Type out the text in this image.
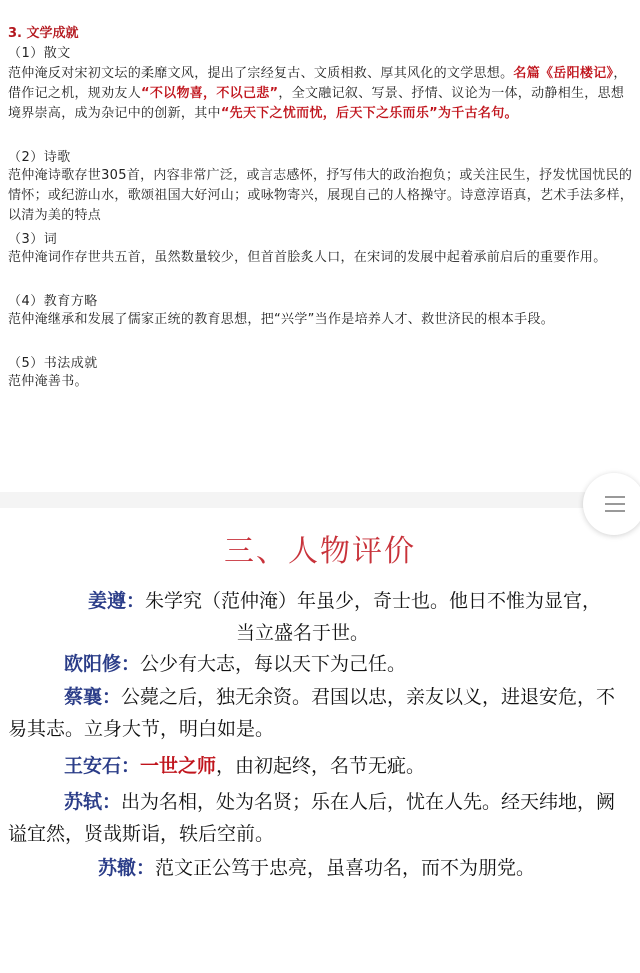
3. 文学成就
（1）散文
范仲淹反对宋初文坛的柔靡文风，提出了宗经复古、文质相救、厚其风化的文学思想。名篇《岳阳楼记》，借作记之机，规劝友人“不以物喜，不以己悲”，全文融记叙、写景、抒情、议论为一体，动静相生，思想境界崇高，成为杂记中的创新，其中“先天下之忧而忧，后天下之乐而乐”为千古名句。
（2）诗歌
范仲淹诗歌存世305首，内容非常广泛，或言志感怀，抒写伟大的政治抱负；或关注民生，抒发忧国忧民的情怀；或纪游山水，歌颂祖国大好河山；或咏物寄兴，展现自己的人格操守。诗意淳语真，艺术手法多样，以清为美的特点
（3）词
范仲淹词作存世共五首，虽然数量较少，但首首脍炙人口，在宋词的发展中起着承前启后的重要作用。
（4）教育方略
范仲淹继承和发展了儒家正统的教育思想，把“兴学”当作是培养人才、救世济民的根本手段。
（5）书法成就
范仲淹善书。
三、人物评价
姜遵：朱学究（范仲淹）年虽少，奇士也。他日不惟为显官，当立盛名于世。
欧阳修：公少有大志，每以天下为己任。
蔡襄：公薨之后，独无余资。君国以忠，亲友以义，进退安危，不易其志。立身大节，明白如是。
王安石：一世之师，由初起终，名节无疵。
苏轼：出为名相，处为名贤；乐在人后，忧在人先。经天纬地，阙谥宜然，贤哉斯诣，轶后空前。
苏辙：范文正公笃于忠亮，虽喜功名，而不为朋党。
